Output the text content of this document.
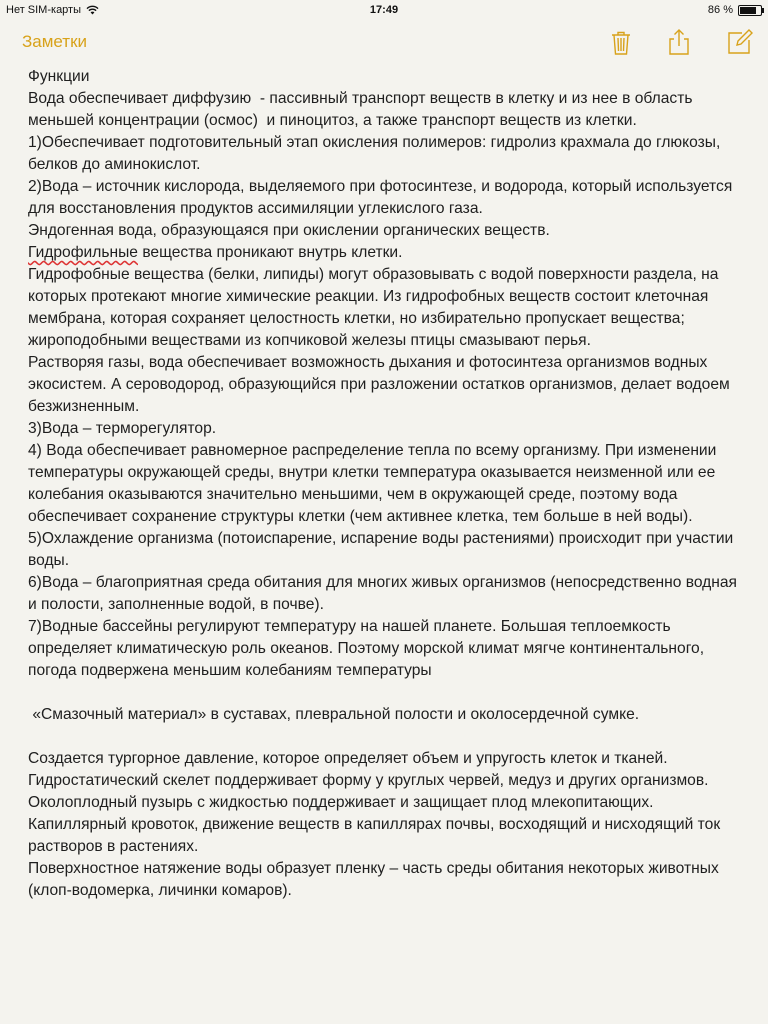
Нет SIM-карты	17:49	86 %
Заметки

Функции

Вода обеспечивает диффузию  - пассивный транспорт веществ в клетку и из нее в область меньшей концентрации (осмос)  и пиноцитоз, а также транспорт веществ из клетки.

1)Обеспечивает подготовительный этап окисления полимеров: гидролиз крахмала до глюкозы, белков до аминокислот.

2)Вода – источник кислорода, выделяемого при фотосинтезе, и водорода, который используется для восстановления продуктов ассимиляции углекислого газа.

Эндогенная вода, образующаяся при окислении органических веществ.

Гидрофильные вещества проникают внутрь клетки.

Гидрофобные вещества (белки, липиды) могут образовывать с водой поверхности раздела, на которых протекают многие химические реакции. Из гидрофобных веществ состоит клеточная мембрана, которая сохраняет целостность клетки, но избирательно пропускает вещества; жироподобными веществами из копчиковой железы птицы смазывают перья.

Растворяя газы, вода обеспечивает возможность дыхания и фотосинтеза организмов водных экосистем. А сероводород, образующийся при разложении остатков организмов, делает водоем безжизненным.

3)Вода – терморегулятор.

4) Вода обеспечивает равномерное распределение тепла по всему организму. При изменении температуры окружающей среды, внутри клетки температура оказывается неизменной или ее колебания оказываются значительно меньшими, чем в окружающей среде, поэтому вода обеспечивает сохранение структуры клетки (чем активнее клетка, тем больше в ней воды).

5)Охлаждение организма (потоиспарение, испарение воды растениями) происходит при участии воды.

6)Вода – благоприятная среда обитания для многих живых организмов (непосредственно водная и полости, заполненные водой, в почве).

7)Водные бассейны регулируют температуру на нашей планете. Большая теплоемкость определяет климатическую роль океанов. Поэтому морской климат мягче континентального, погода подвержена меньшим колебаниям температуры

«Смазочный материал» в суставах, плевральной полости и околосердечной сумке.

Создается тургорное давление, которое определяет объем и упругость клеток и тканей.

Гидростатический скелет поддерживает форму у круглых червей, медуз и других организмов.

Околоплодный пузырь с жидкостью поддерживает и защищает плод млекопитающих.

Капиллярный кровоток, движение веществ в капиллярах почвы, восходящий и нисходящий ток растворов в растениях.

Поверхностное натяжение воды образует пленку – часть среды обитания некоторых животных (клоп-водомерка, личинки комаров).
